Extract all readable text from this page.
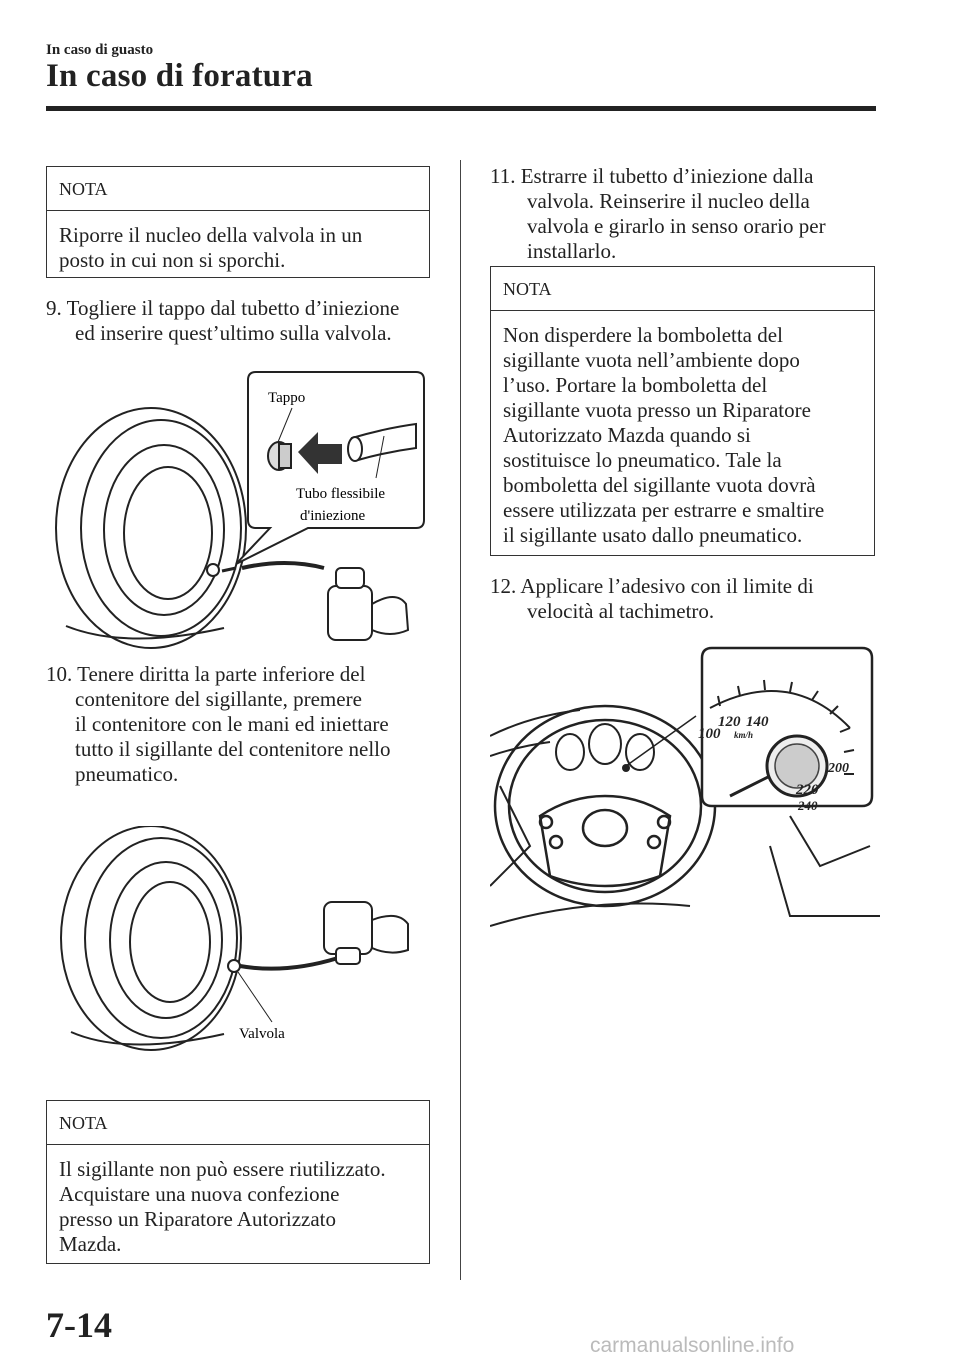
In caso di guasto
In caso di foratura
NOTA
Riporre il nucleo della valvola in un
posto in cui non si sporchi.
9. Togliere il tappo dal tubetto d’iniezione
ed inserire quest’ultimo sulla valvola.
Tappo
Tubo flessibile
d'iniezione
10. Tenere diritta la parte inferiore del
contenitore del sigillante, premere
il contenitore con le mani ed iniettare
tutto il sigillante del contenitore nello
pneumatico.
Valvola
NOTA
Il sigillante non può essere riutilizzato.
Acquistare una nuova confezione
presso un Riparatore Autorizzato
Mazda.
11. Estrarre il tubetto d’iniezione dalla
valvola. Reinserire il nucleo della
valvola e girarlo in senso orario per
installarlo.
NOTA
Non disperdere la bomboletta del
sigillante vuota nell’ambiente dopo
l’uso. Portare la bomboletta del
sigillante vuota presso un Riparatore
Autorizzato Mazda quando si
sostituisce lo pneumatico. Tale la
bomboletta del sigillante vuota dovrà
essere utilizzata per estrarre e smaltire
il sigillante usato dallo pneumatico.
12. Applicare l’adesivo con il limite di
velocità al tachimetro.
100
120 140
200
220
240
km/h
7-14
carmanualsonline.info
